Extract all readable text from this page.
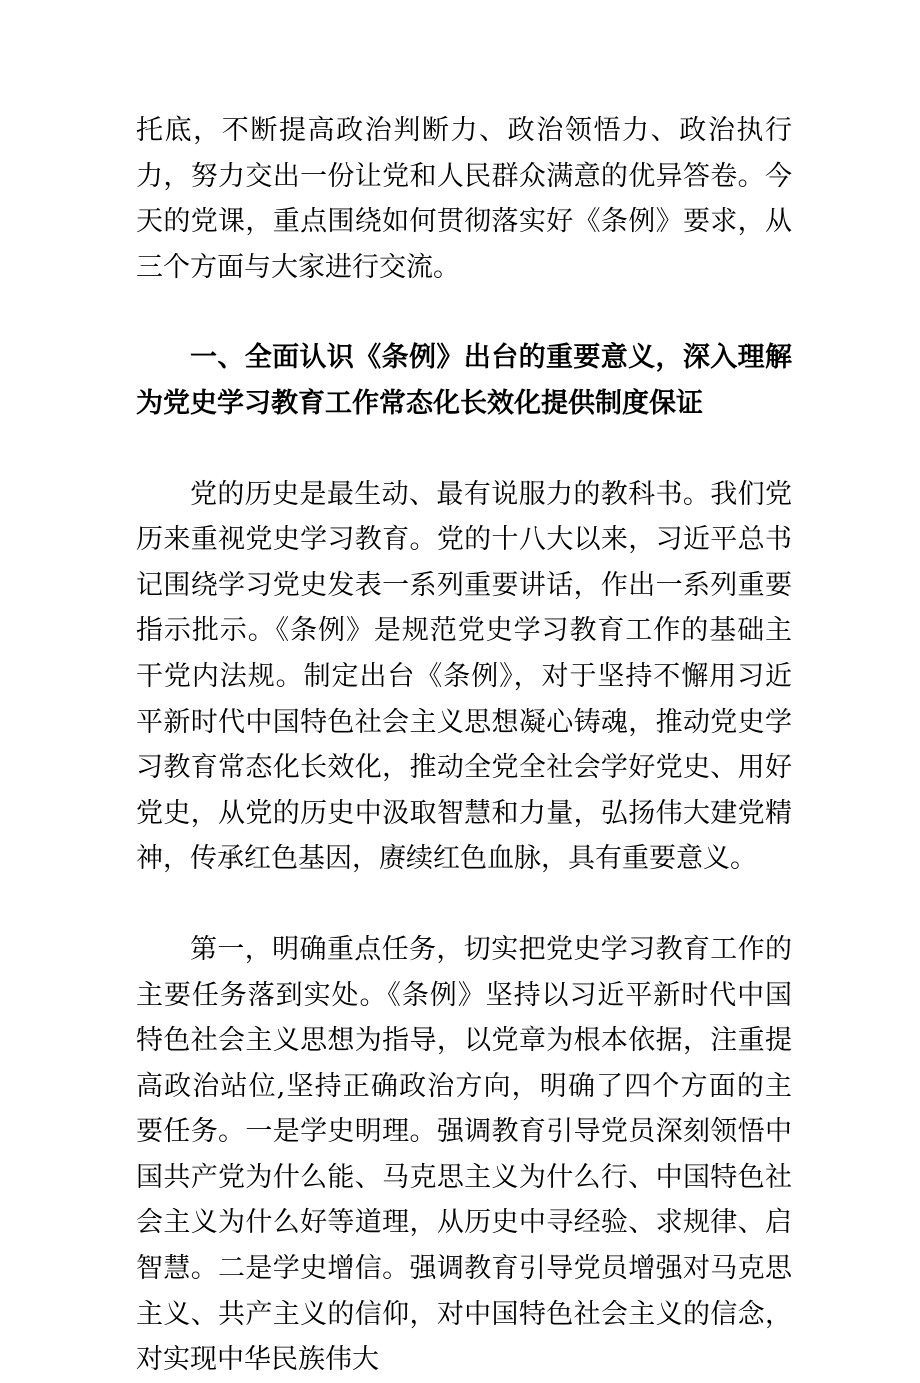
托底，不断提高政治判断力、政治领悟力、政治执行力，努力交出一份让党和人民群众满意的优异答卷。今天的党课，重点围绕如何贯彻落实好《条例》要求，从三个方面与大家进行交流。

一、全面认识《条例》出台的重要意义，深入理解为党史学习教育工作常态化长效化提供制度保证

党的历史是最生动、最有说服力的教科书。我们党历来重视党史学习教育。党的十八大以来，习近平总书记围绕学习党史发表一系列重要讲话，作出一系列重要指示批示。《条例》是规范党史学习教育工作的基础主干党内法规。制定出台《条例》，对于坚持不懈用习近平新时代中国特色社会主义思想凝心铸魂，推动党史学习教育常态化长效化，推动全党全社会学好党史、用好党史，从党的历史中汲取智慧和力量，弘扬伟大建党精神，传承红色基因，赓续红色血脉，具有重要意义。

第一，明确重点任务，切实把党史学习教育工作的主要任务落到实处。《条例》坚持以习近平新时代中国特色社会主义思想为指导，以党章为根本依据，注重提高政治站位,坚持正确政治方向，明确了四个方面的主要任务。一是学史明理。强调教育引导党员深刻领悟中国共产党为什么能、马克思主义为什么行、中国特色社会主义为什么好等道理，从历史中寻经验、求规律、启智慧。二是学史增信。强调教育引导党员增强对马克思主义、共产主义的信仰，对中国特色社会主义的信念，对实现中华民族伟大
